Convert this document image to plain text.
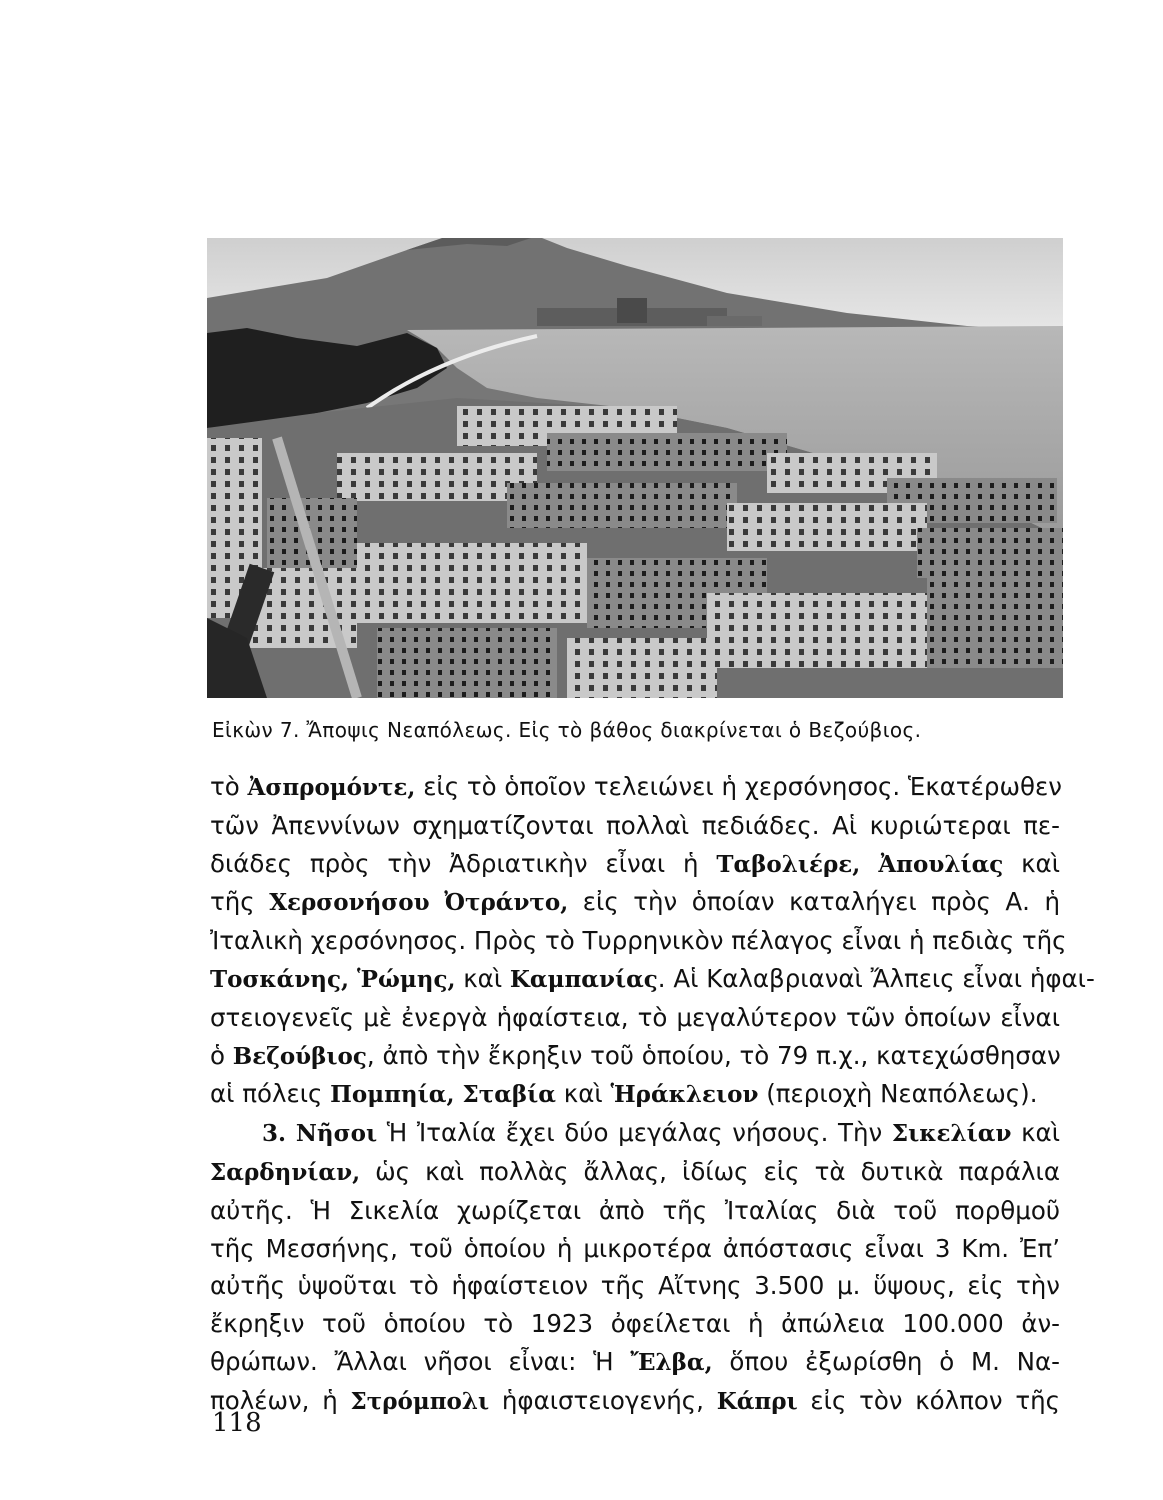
Εἰκὼν 7. Ἄποψις Νεαπόλεως. Εἰς τὸ βάθος διακρίνεται ὁ Βεζούβιος.
τὸ Ἀσπρομόντε, εἰς τὸ ὁποῖον τελειώνει ἡ χερσόνησος. Ἑκατέρωθεν
τῶν Ἀπεννίνων σχηματίζονται πολλαὶ πεδιάδες. Αἱ κυριώτεραι πε-
διάδες πρὸς τὴν Ἀδριατικὴν εἶναι ἡ Ταβολιέρε, Ἀπουλίας καὶ
τῆς Χερσονήσου Ὀτράντο, εἰς τὴν ὁποίαν καταλήγει πρὸς Α. ἡ
Ἰταλικὴ χερσόνησος. Πρὸς τὸ Τυρρηνικὸν πέλαγος εἶναι ἡ πεδιὰς τῆς
Τοσκάνης, Ῥώμης, καὶ Καμπανίας. Αἱ Καλαβριαναὶ Ἄλπεις εἶναι ἡφαι-
στειογενεῖς μὲ ἐνεργὰ ἡφαίστεια, τὸ μεγαλύτερον τῶν ὁποίων εἶναι
ὁ Βεζούβιος, ἀπὸ τὴν ἔκρηξιν τοῦ ὁποίου, τὸ 79 π.χ., κατεχώσθησαν
αἱ πόλεις Πομπηία, Σταβία καὶ Ἡράκλειον (περιοχὴ Νεαπόλεως).
3. Νῆσοι Ἡ Ἰταλία ἔχει δύο μεγάλας νήσους. Τὴν Σικελίαν καὶ
Σαρδηνίαν, ὡς καὶ πολλὰς ἄλλας, ἰδίως εἰς τὰ δυτικὰ παράλια
αὐτῆς. Ἡ Σικελία χωρίζεται ἀπὸ τῆς Ἰταλίας διὰ τοῦ πορθμοῦ
τῆς Μεσσήνης, τοῦ ὁποίου ἡ μικροτέρα ἀπόστασις εἶναι 3 Km. Ἐπ’
αὐτῆς ὑψοῦται τὸ ἡφαίστειον τῆς Αἴτνης 3.500 μ. ὕψους, εἰς τὴν
ἔκρηξιν τοῦ ὁποίου τὸ 1923 ὀφείλεται ἡ ἀπώλεια 100.000 ἀν-
θρώπων. Ἄλλαι νῆσοι εἶναι: Ἡ Ἔλβα, ὅπου ἐξωρίσθη ὁ Μ. Να-
πολέων, ἡ Στρόμπολι ἡφαιστειογενής, Κάπρι εἰς τὸν κόλπον τῆς
118
